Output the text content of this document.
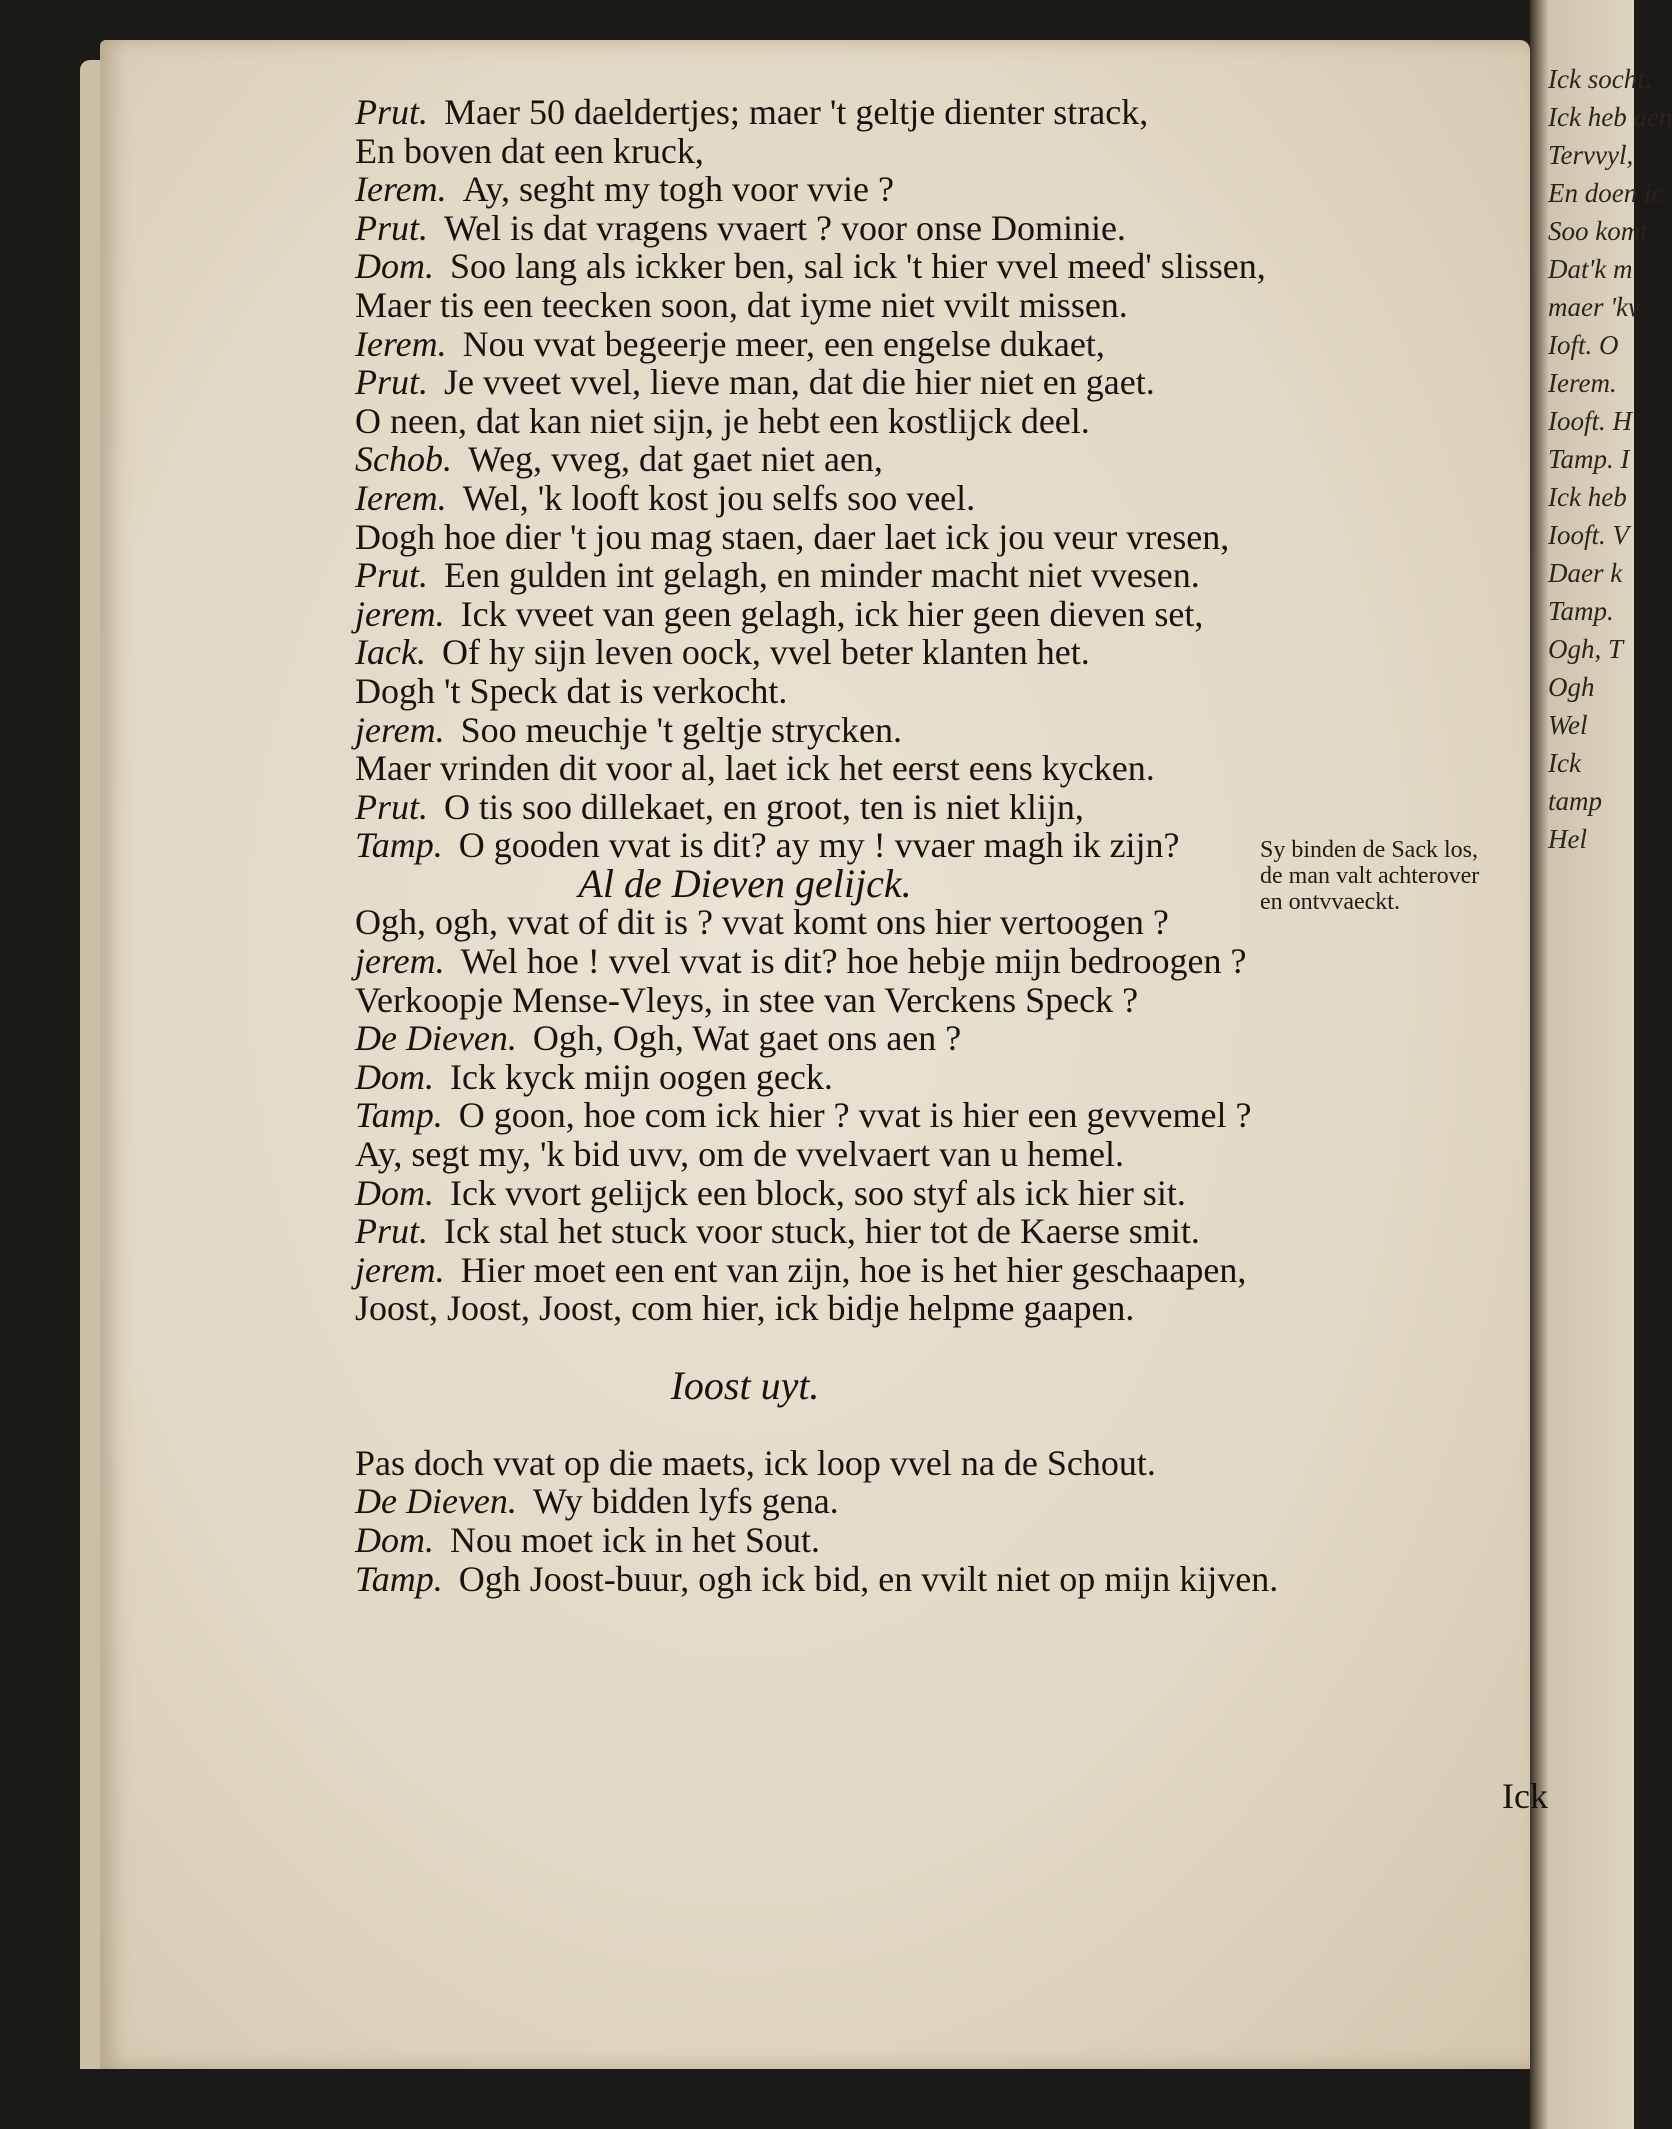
Ick socht,
Ick heb aen
Tervvyl,
En doen ic
Soo komt
Dat'k m
maer 'kv
Ioft. O
Ierem.
Iooft. H
Tamp. I
Ick heb
Iooft. V
Daer k
Tamp.
Ogh, T
Ogh
Wel
Ick
tamp
Hel
Prut. Maer 50 daeldertjes; maer 't geltje dienter strack,
En boven dat een kruck,
Ierem. Ay, seght my togh voor vvie ?
Prut. Wel is dat vragens vvaert ? voor onse Dominie.
Dom. Soo lang als ickker ben, sal ick 't hier vvel meed' slissen,
Maer tis een teecken soon, dat iyme niet vvilt missen.
Ierem. Nou vvat begeerje meer, een engelse dukaet,
Prut. Je vveet vvel, lieve man, dat die hier niet en gaet.
O neen, dat kan niet sijn, je hebt een kostlijck deel.
Schob. Weg, vveg, dat gaet niet aen,
Ierem. Wel, 'k looft kost jou selfs soo veel.
Dogh hoe dier 't jou mag staen, daer laet ick jou veur vresen,
Prut. Een gulden int gelagh, en minder macht niet vvesen.
jerem. Ick vveet van geen gelagh, ick hier geen dieven set,
Iack. Of hy sijn leven oock, vvel beter klanten het.
Dogh 't Speck dat is verkocht.
jerem. Soo meuchje 't geltje strycken.
Maer vrinden dit voor al, laet ick het eerst eens kycken.
Prut. O tis soo dillekaet, en groot, ten is niet klijn,
Tamp. O gooden vvat is dit? ay my ! vvaer magh ik zijn?
Al de Dieven gelijck.
Ogh, ogh, vvat of dit is ? vvat komt ons hier vertoogen ?
jerem. Wel hoe ! vvel vvat is dit? hoe hebje mijn bedroogen ?
Verkoopje Mense-Vleys, in stee van Verckens Speck ?
De Dieven. Ogh, Ogh, Wat gaet ons aen ?
Dom. Ick kyck mijn oogen geck.
Tamp. O goon, hoe com ick hier ? vvat is hier een gevvemel ?
Ay, segt my, 'k bid uvv, om de vvelvaert van u hemel.
Dom. Ick vvort gelijck een block, soo styf als ick hier sit.
Prut. Ick stal het stuck voor stuck, hier tot de Kaerse smit.
jerem. Hier moet een ent van zijn, hoe is het hier geschaapen,
Joost, Joost, Joost, com hier, ick bidje helpme gaapen.
Ioost uyt.
Pas doch vvat op die maets, ick loop vvel na de Schout.
De Dieven. Wy bidden lyfs gena.
Dom. Nou moet ick in het Sout.
Tamp. Ogh Joost-buur, ogh ick bid, en vvilt niet op mijn kijven.
Sy binden de Sack los,
de man valt achterover
en ontvvaeckt.
Ick
